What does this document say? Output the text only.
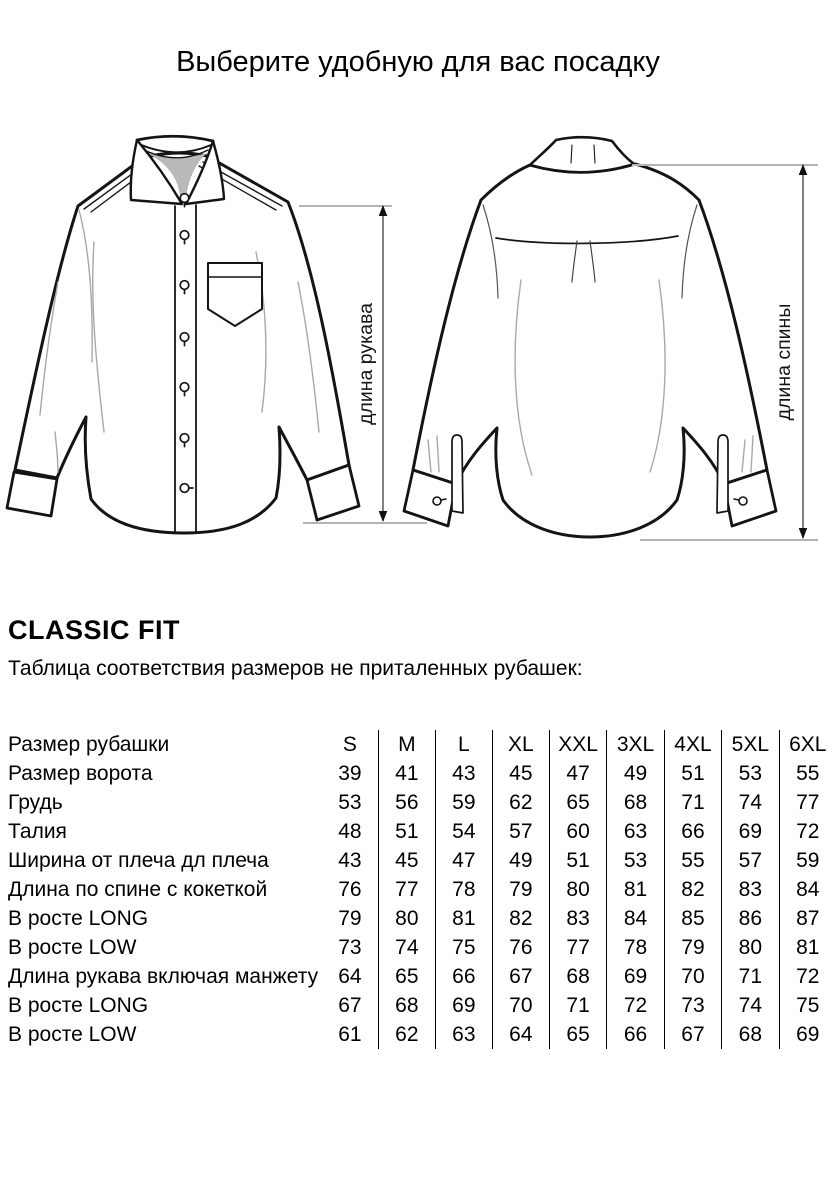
Выберите удобную для вас посадку
длина рукава	длина спины
CLASSIC FIT

Таблица соответствия размеров не приталенных рубашек:

Размер рубашки	S	M	L	XL	XXL	3XL	4XL	5XL	6XL
Размер ворота	39	41	43	45	47	49	51	53	55
Грудь	53	56	59	62	65	68	71	74	77
Талия	48	51	54	57	60	63	66	69	72
Ширина от плеча дл плеча	43	45	47	49	51	53	55	57	59
Длина по спине с кокеткой	76	77	78	79	80	81	82	83	84
В росте LONG	79	80	81	82	83	84	85	86	87
В росте LOW	73	74	75	76	77	78	79	80	81
Длина рукава включая манжету	64	65	66	67	68	69	70	71	72
В росте LONG	67	68	69	70	71	72	73	74	75
В росте LOW	61	62	63	64	65	66	67	68	69
